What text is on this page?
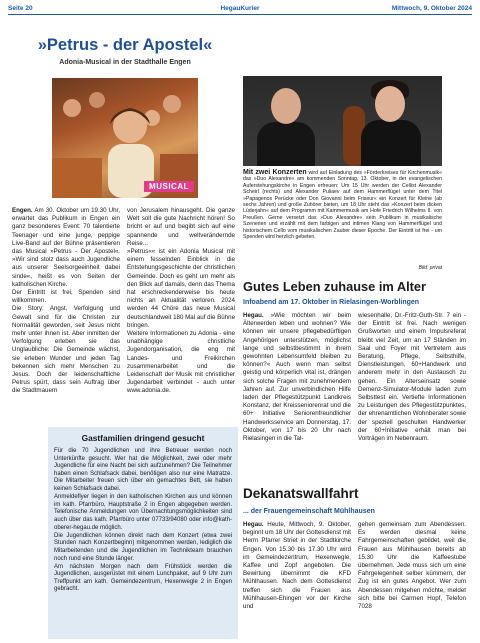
Seite 20	HegauKurier	Mittwoch, 9. Oktober 2024
»Petrus - der Apostel«
Adonia-Musical in der Stadthalle Engen
MUSICAL

Engen. Am 30. Oktober um 19.30 Uhr, erwartet das Publikum in Engen ein ganz besonderes Event: 70 talentierte Teenager und eine junge, peppige Live-Band auf der Bühne präsentieren das Musical »Petrus - Der Apostel«. »Wir sind stolz dass auch Jugendliche aus unserer Seelsorgeeinheit dabei sinde«, heißt es von Seiten der katholischen Kirche.

Der Eintritt ist frei, Spenden sind willkommen.

Die Story: Angst, Verfolgung und Gewalt sind für die Christen zur Normalität geworden, seit Jesus nicht mehr unter ihnen ist. Aber inmitten der Verfolgung erleben sie das Unglaubliche: Die Gemeinde wächst, sie erleben Wunder und jeden Tag bekennen sich mehr Menschen zu Jesus. Doch der leidenschaftliche Petrus spürt, dass sein Auftrag über die Stadtmauern

von Jerusalem hinausgeht. Die ganze Welt soll die gute Nachricht hören! So bricht er auf und begibt sich auf eine spannende und weltverändernde Reise...

»Petrus«« ist ein Adonia Musical mit einem fesselnden Einblick in die Entstehungsgeschichte der christlichen Gemeinde. Doch es geht um mehr als den Blick auf damals, denn das Thema hat erschreckenderweise bis heute nichts an Aktualität verloren. 2024 werden 44 Chöre das neue Musical deutschlandweit 180 Mal auf die Bühne bringen.

Weitere Informationen zu Adonia - eine unabhängige christliche Jugendorganisation, die eng mit Landes- und Freikirchen zusammenarbeitet und die Leidenschaft der Musik mit christlicher Jugendarbeit verbindet - auch unter www.adonia.de.

Gastfamilien dringend gesucht

Für die 70 Jugendlichen und ihre Betreuer werden noch Unterkünfte gesucht. Wer hat die Möglichkeit, zwei oder mehr Jugendliche für eine Nacht bei sich aufzunehmen? Die Teilnehmer haben einen Schlafsack dabei, benötigen also nur eine Matratze. Die Mitarbeiter freuen sich über ein gemachtes Bett, sie haben keinen Schlafsack dabei.

Anmeldeflyer liegen in den katholischen Kirchen aus und können im kath. Pfarrbüro, Hauptstraße 2 in Engen abgegeben werden. Telefonische Anmeldungen von Übernachtungsmöglichkeiten sind auch über das kath. Pfarrbüro unter 07733/94080 oder info@kath-oberer-hegau.de möglich.

Die Jugendlichen können direkt nach dem Konzert (etwa zwei Stunden nach Konzertbeginn) mitgenommen werden, lediglich die Mitarbeitenden und die Jugendlichen im Technikteam brauchen noch rund eine Stunde länger.

Am nächsten Morgen nach dem Frühstück werden die Jugendlichen, ausgerüstet mit einem Lunchpaket, auf 9 Uhr zum Treffpunkt am kath. Gemeindezentrum, Hexenwegle 2 in Engen gebracht.

Mit zwei Konzerten wird auf Einladung des »Förderkreises für Kirchenmusik« das »Duo Alexandre« am kommenden Sonntag, 13. Oktober, in der evangelischen Auferstehungskirche in Engen erfreuen: Um 15 Uhr werden der Cellist Alexander Scheirl (rechts) und Alexander Puliaev auf dem Hammerflügel unter dem Titel »Papagenos Perücke oder Don Giovanni beim Friseur« ein Konzert für Kleine (ab sechs Jahren) und große Zuhörer bieten, um 18 Uhr steht das »Konzert beim dicken Lüderjahn« auf dem Programm mit Kammermusik am Hofe Friedrich Wilhelms II. von Preußen. Gerne versetzt das »Duo Alexandre« sein Publikum in musikalische Szenerien und erzählt mit dem farbigen und intimen Klang von Hammerflügel und historischem Cello vom musikalischen Zauber dieser Epoche. Der Eintritt ist frei - um Spenden wird herzlich gebeten.
Bild: privat
Gutes Leben zuhause im Alter
Infoabend am 17. Oktober in Rielasingen-Worblingen
Hegau. »Wie möchten wir beim Älterwerden leben und wohnen? Wie können wir unsere pflegebedürftigen Angehörigen unterstützen, möglichst lange und selbstbestimmt in ihrem gewohnten Lebensumfeld bleiben zu können?« Auch wenn man selbst geistig und körperlich vital ist, drängen sich solche Fragen mit zunehmendem Jahren auf. Zur unverbindlichen Hilfe laden der Pflegestützpunkt Landkreis Konstanz, der Kreisseniorenrat und die 60+ Initiative Seniorenfreundlicher Handwerksservice am Donnerstag, 17. Oktober, von 17 bis 20 Uhr nach Rielasingen in die Tal-
wiesenhalle, Dr.-Fritz-Guth-Str. 7 ein - der Eintritt ist frei. Nach wenigen Grußworten und einem Impulsreferat bleibt viel Zeit, um an 17 Ständen im Saal und Foyer mit Vertretern aus Beratung, Pflege, Selbsthilfe, Dienstleistungen, 60+Handwerk und anderem mehr in den Austausch zu gehen. Ein Alterseinsatz sowie Demenz-Simulator-Module laden zum Selbsttest ein. Vertiefte Informationen zu Leistungen des Pflegestützpunktes, der ehrenamtlichen Wohnberater sowie der speziell geschulten Handwerker der 60+Initiative erhält man bei Vorträgen im Nebenraum.
Dekanatswallfahrt
... der Frauengemeinschaft Mühlhausen
Hegau. Heute, Mittwoch, 9. Oktober, beginnt um 18 Uhr der Gottesdienst mit Herrn Pfarrer Striet in der Stadtkirche Engen. Von 15.30 bis 17.30 Uhr wird im Gemeindezentrum, Hexenwegle, Kaffee und Zopf angeboten. Die Bewirtung übernimmt die KFD Mühlhausen. Nach dem Gottesdienst treffen sich die Frauen aus Mühlhausen-Ehingen vor der Kirche und
gehen gemeinsam zum Abendessen. Es werden diesmal keine Fahrgemeinschaften gebildet, weil die Frauen aus Mühlhausen bereits ab 15.30 Uhr die Kaffeestube übernehmen. Jede muss sich um eine Fahrgelegenheit selber kümmern, der Zug ist ein gutes Angebot. Wer zum Abendessen mitgehen möchte, meldet sich bitte bei Carmen Hopf, Telefon 7028
